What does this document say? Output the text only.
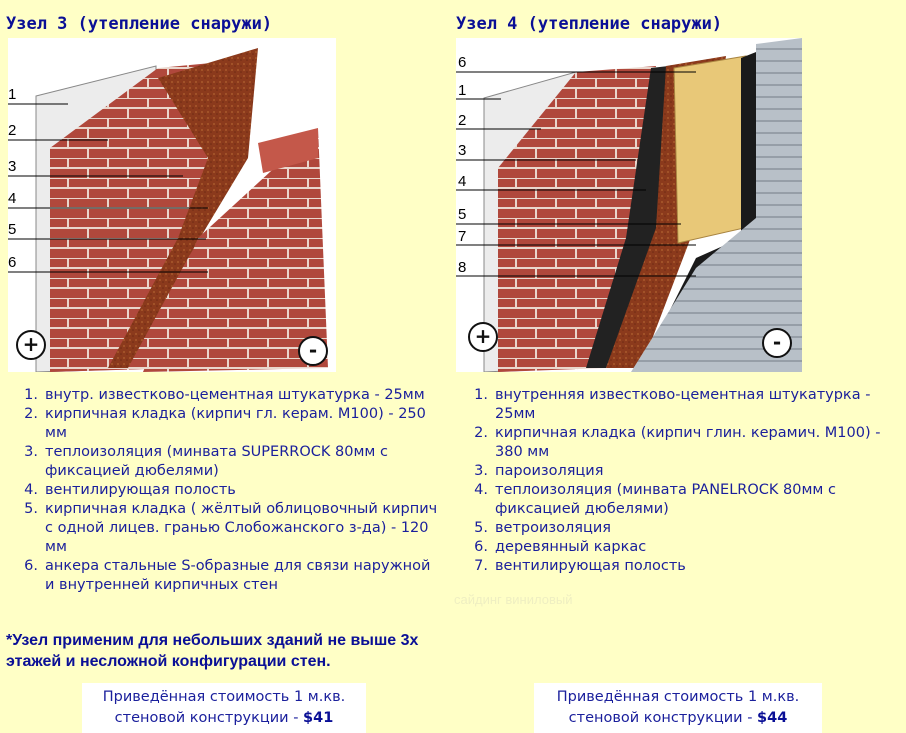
Узел 3 (утепление снаружи)
1
2
3
4
5
6
+	-
1. внутр. известково-цементная штукатурка - 25мм
2. кирпичная кладка (кирпич гл. керам. М100) - 250 мм
3. теплоизоляция (минвата SUPERROCK 80мм с фиксацией дюбелями)
4. вентилирующая полость
5. кирпичная кладка ( жёлтый облицовочный кирпич с одной лицев. гранью Слобожанского з-да) - 120 мм
6. анкера стальные S-образные для связи наружной и внутренней кирпичных стен
*Узел применим для небольших зданий не выше 3х этажей и несложной конфигурации стен.
Приведённая стоимость 1 м.кв.
стеновой конструкции - $41
Узел 4 (утепление снаружи)
6
1
2
3
4
5
7
8
+	-
1. внутренняя известково-цементная штукатурка - 25мм
2. кирпичная кладка (кирпич глин. керамич. М100) - 380 мм
3. пароизоляция
4. теплоизоляция (минвата PANELROCK 80мм с фиксацией дюбелями)
5. ветроизоляция
6. деревянный каркас
7. вентилирующая полость
сайдинг виниловый
Приведённая стоимость 1 м.кв.
стеновой конструкции - $44
